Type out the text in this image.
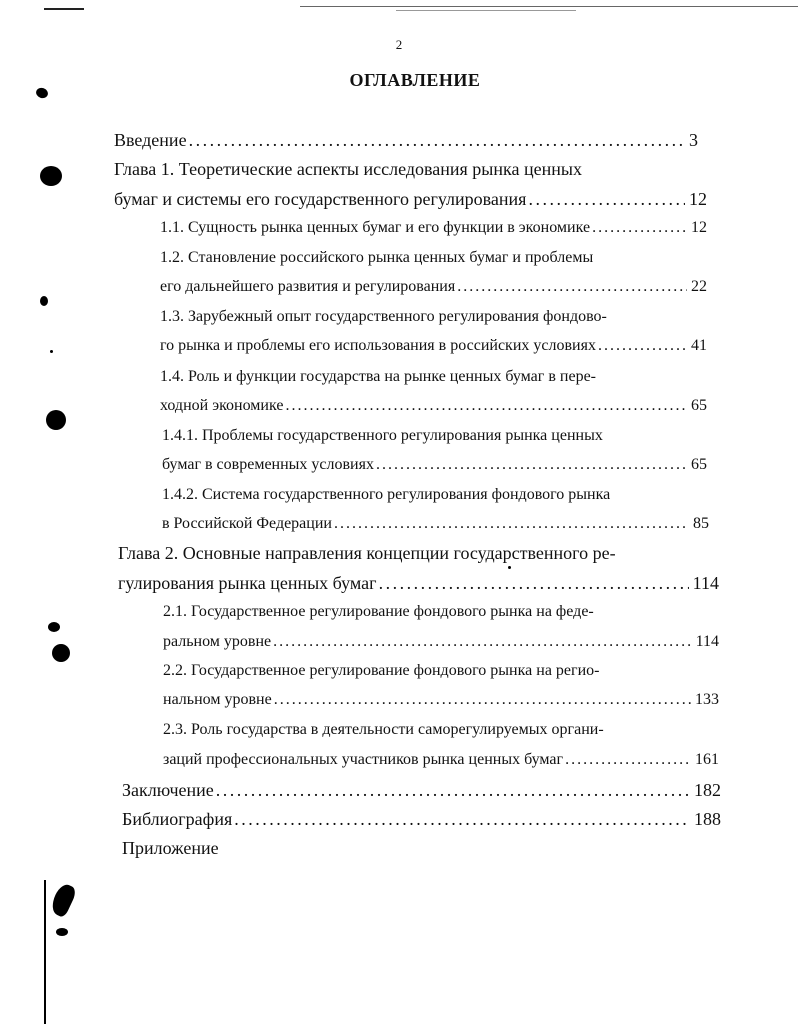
2
ОГЛАВЛЕНИЕ
Введение . . .	3
Глава 1. Теоретические аспекты исследования рынка ценных
бумаг и системы его государственного регулирования . . .	12
1.1. Сущность рынка ценных бумаг и его функции в экономике . . .	12
1.2. Становление российского рынка ценных бумаг и проблемы
его дальнейшего развития и регулирования . . .	22
1.3. Зарубежный опыт государственного регулирования фондово-
го рынка и проблемы его использования в российских условиях . . .	41
1.4. Роль и функции государства на рынке ценных бумаг в пере-
ходной экономике . . .	65
1.4.1. Проблемы государственного регулирования рынка ценных
бумаг в современных условиях . . .	65
1.4.2. Система государственного регулирования фондового рынка
в Российской Федерации . . .	85
Глава 2. Основные направления концепции государственного ре-
гулирования рынка ценных бумаг . . .	114
2.1. Государственное регулирование фондового рынка на феде-
ральном уровне . . .	114
2.2. Государственное регулирование фондового рынка на регио-
нальном уровне . . .	133
2.3. Роль государства в деятельности саморегулируемых органи-
заций профессиональных участников рынка ценных бумаг . . .	161
Заключение . . .	182
Библиография . . .	188
Приложение
